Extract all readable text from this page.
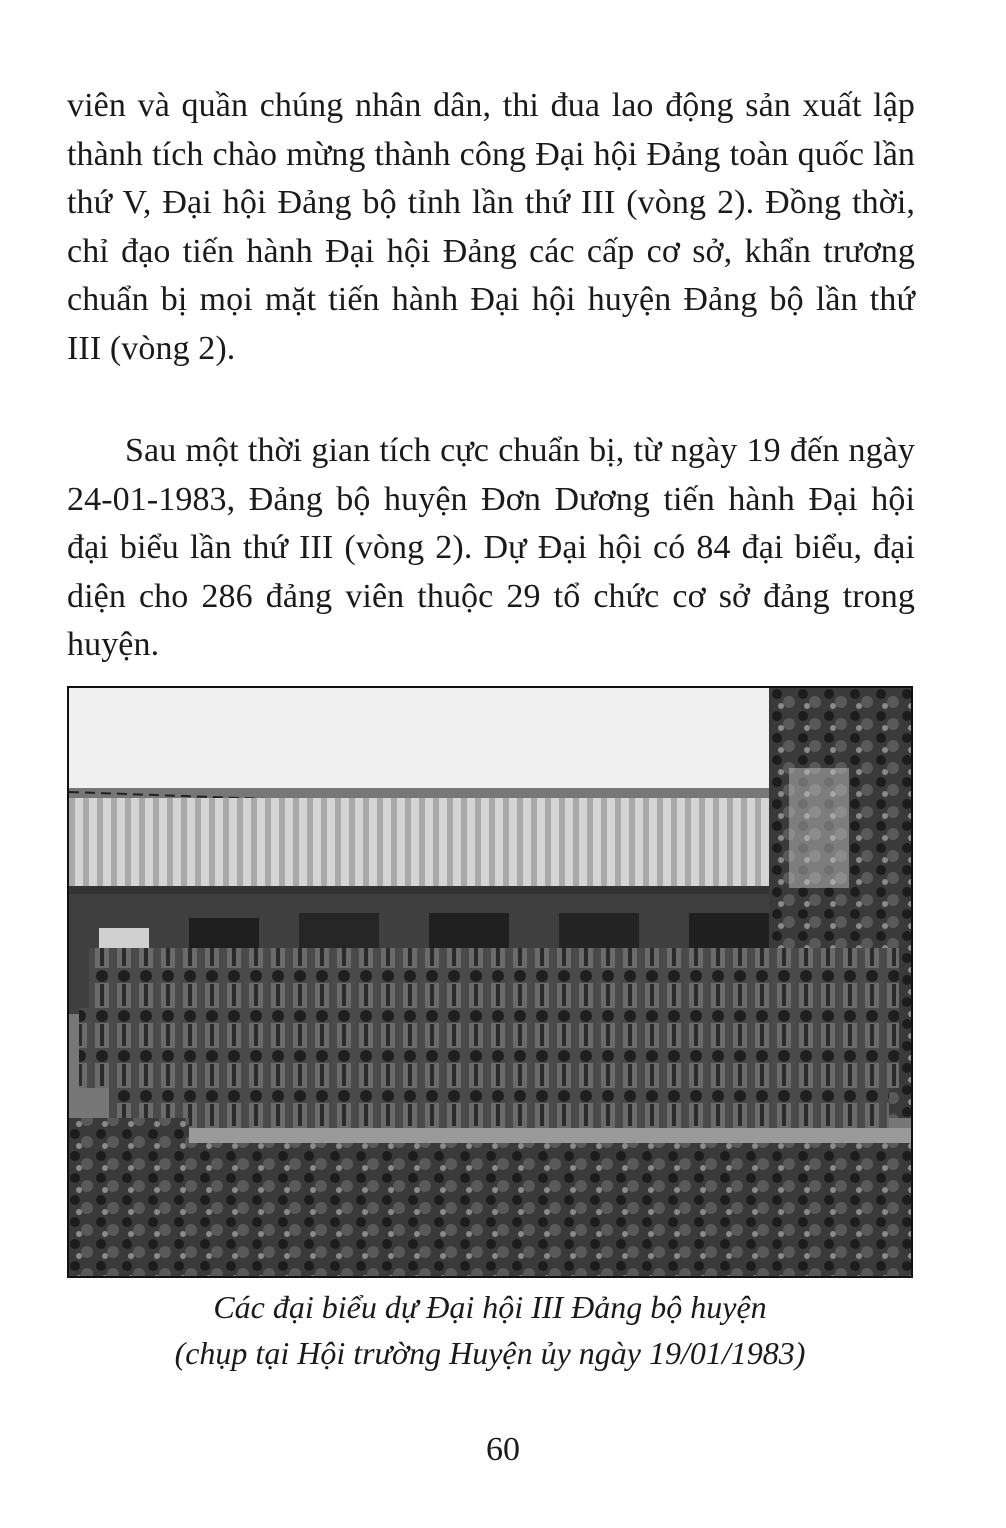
viên và quần chúng nhân dân, thi đua lao động sản xuất lập thành tích chào mừng thành công Đại hội Đảng toàn quốc lần thứ V, Đại hội Đảng bộ tỉnh lần thứ III (vòng 2). Đồng thời, chỉ đạo tiến hành Đại hội Đảng các cấp cơ sở, khẩn trương chuẩn bị mọi mặt tiến hành Đại hội huyện Đảng bộ lần thứ III (vòng 2).

Sau một thời gian tích cực chuẩn bị, từ ngày 19 đến ngày 24-01-1983, Đảng bộ huyện Đơn Dương tiến hành Đại hội đại biểu lần thứ III (vòng 2). Dự Đại hội có 84 đại biểu, đại diện cho 286 đảng viên thuộc 29 tổ chức cơ sở đảng trong huyện.

Các đại biểu dự Đại hội III Đảng bộ huyện

(chụp tại Hội trường Huyện ủy ngày 19/01/1983)

60
